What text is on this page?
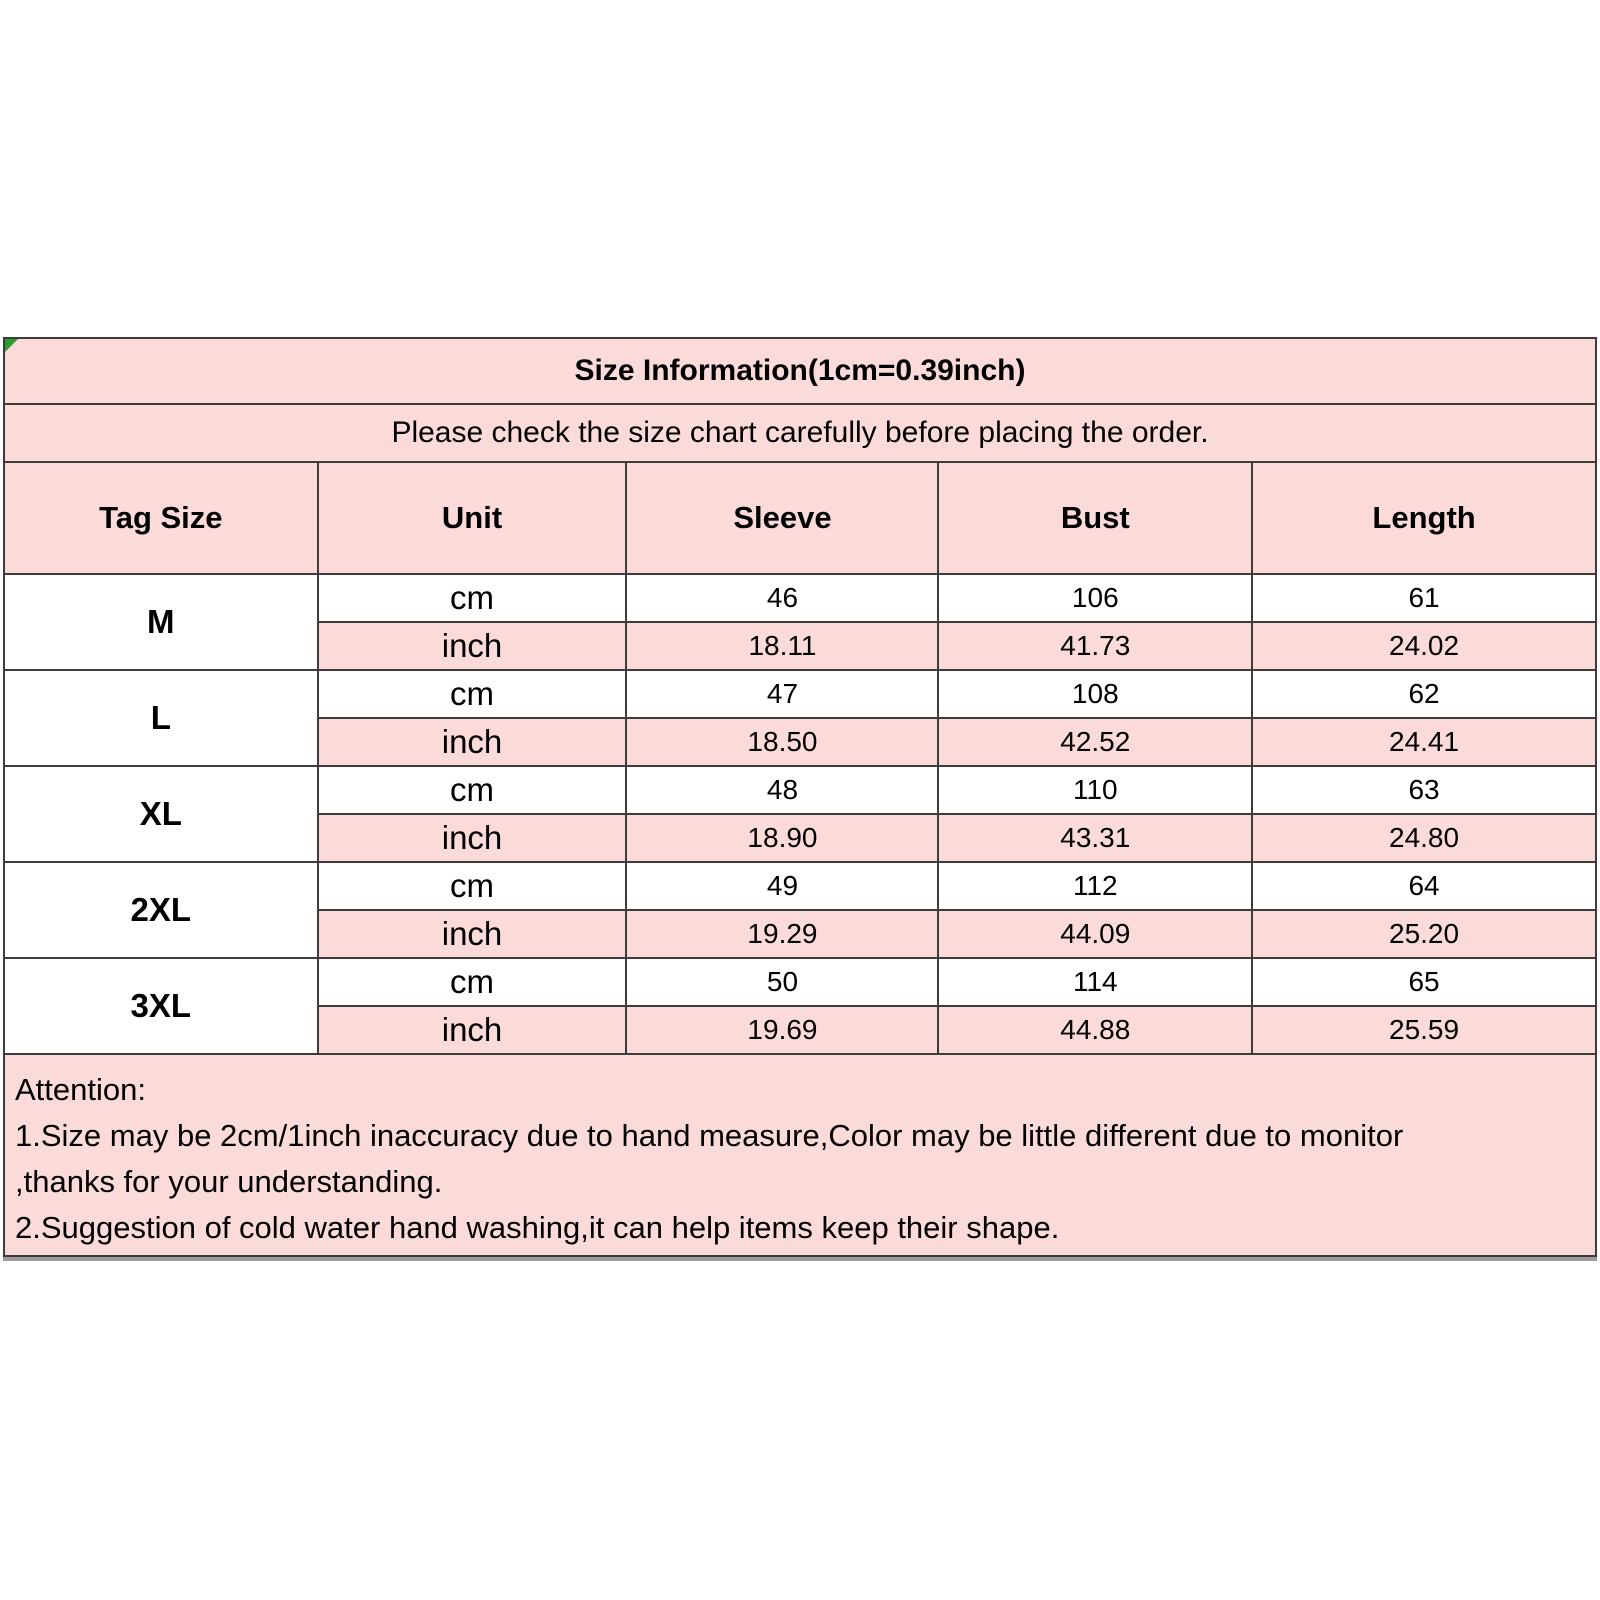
Size Information(1cm=0.39inch)				
Please check the size chart carefully before placing the order.				
Tag Size	Unit	Sleeve	Bust	Length
M	cm	46	106	61
	inch	18.11	41.73	24.02
L	cm	47	108	62
	inch	18.50	42.52	24.41
XL	cm	48	110	63
	inch	18.90	43.31	24.80
2XL	cm	49	112	64
	inch	19.29	44.09	25.20
3XL	cm	50	114	65
	inch	19.69	44.88	25.59
Attention:
1.Size may be 2cm/1inch inaccuracy due to hand measure,Color may be little different due to monitor
,thanks for your understanding.
2.Suggestion of cold water hand washing,it can help items keep their shape.
